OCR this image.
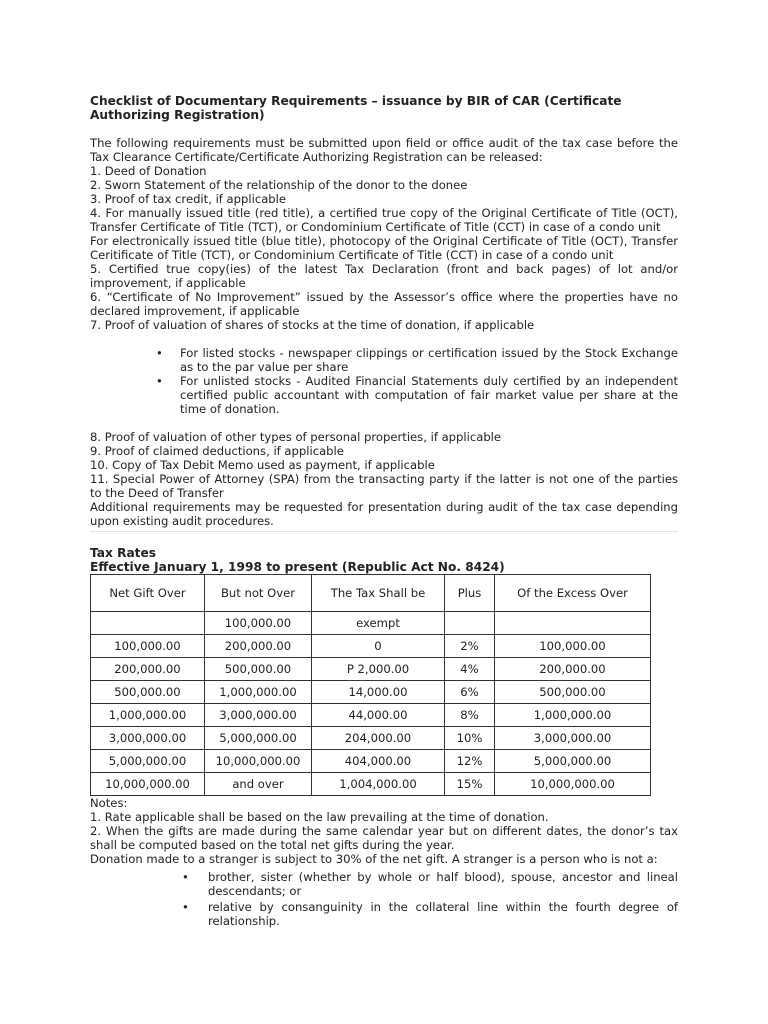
Checklist of Documentary Requirements – issuance by BIR of CAR (Certificate Authorizing Registration)

The following requirements must be submitted upon field or office audit of the tax case before the Tax Clearance Certificate/Certificate Authorizing Registration can be released:

1. Deed of Donation

2. Sworn Statement of the relationship of the donor to the donee

3. Proof of tax credit, if applicable

4. For manually issued title (red title), a certified true copy of the Original Certificate of Title (OCT), Transfer Certificate of Title (TCT), or Condominium Certificate of Title (CCT) in case of a condo unit

For electronically issued title (blue title), photocopy of the Original Certificate of Title (OCT), Transfer Ceritificate of Title (TCT), or Condominium Certificate of Title (CCT) in case of a condo unit

5. Certified true copy(ies) of the latest Tax Declaration (front and back pages) of lot and/or improvement, if applicable

6. “Certificate of No Improvement” issued by the Assessor’s office where the properties have no declared improvement, if applicable

7. Proof of valuation of shares of stocks at the time of donation, if applicable

• For listed stocks - newspaper clippings or certification issued by the Stock Exchange as to the par value per share
• For unlisted stocks - Audited Financial Statements duly certified by an independent certified public accountant with computation of fair market value per share at the time of donation.

8. Proof of valuation of other types of personal properties, if applicable

9. Proof of claimed deductions, if applicable

10. Copy of Tax Debit Memo used as payment, if applicable

11. Special Power of Attorney (SPA) from the transacting party if the latter is not one of the parties to the Deed of Transfer

Additional requirements may be requested for presentation during audit of the tax case depending upon existing audit procedures.

Tax Rates

Effective January 1, 1998 to present (Republic Act No. 8424)

Net Gift Over	But not Over	The Tax Shall be	Plus	Of the Excess Over
	100,000.00	exempt		
100,000.00	200,000.00	0	2%	100,000.00
200,000.00	500,000.00	P 2,000.00	4%	200,000.00
500,000.00	1,000,000.00	14,000.00	6%	500,000.00
1,000,000.00	3,000,000.00	44,000.00	8%	1,000,000.00
3,000,000.00	5,000,000.00	204,000.00	10%	3,000,000.00
5,000,000.00	10,000,000.00	404,000.00	12%	5,000,000.00
10,000,000.00	and over	1,004,000.00	15%	10,000,000.00

Notes:

1. Rate applicable shall be based on the law prevailing at the time of donation.

2. When the gifts are made during the same calendar year but on different dates, the donor’s tax shall be computed based on the total net gifts during the year.

Donation made to a stranger is subject to 30% of the net gift. A stranger is a person who is not a:

• brother, sister (whether by whole or half blood), spouse, ancestor and lineal descendants; or
• relative by consanguinity in the collateral line within the fourth degree of relationship.
